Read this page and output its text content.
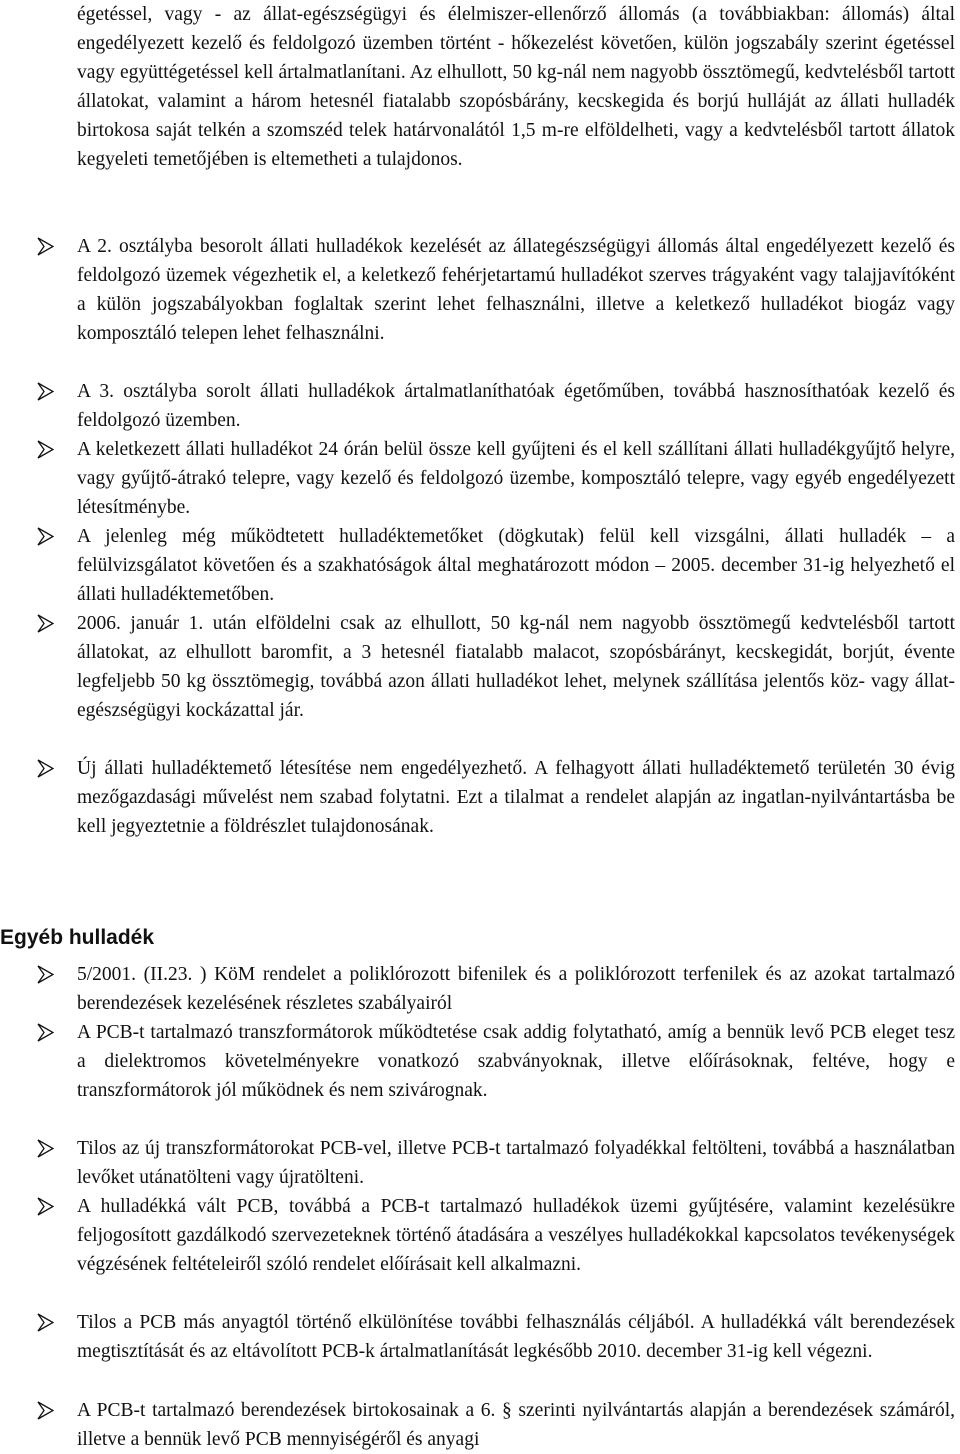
égetéssel, vagy - az állat-egészségügyi és élelmiszer-ellenőrző állomás (a továbbiakban: állomás) által engedélyezett kezelő és feldolgozó üzemben történt - hőkezelést követően, külön jogszabály szerint égetéssel vagy együttégetéssel kell ártalmatlanítani. Az elhullott, 50 kg-nál nem nagyobb össztömegű, kedvtelésből tartott állatokat, valamint a három hetesnél fiatalabb szopósbárány, kecskegida és borjú hulláját az állati hulladék birtokosa saját telkén a szomszéd telek határvonalától 1,5 m-re elföldelheti, vagy a kedvtelésből tartott állatok kegyeleti temetőjében is eltemetheti a tulajdonos.

A 2. osztályba besorolt állati hulladékok kezelését az állategészségügyi állomás által engedélyezett kezelő és feldolgozó üzemek végezhetik el, a keletkező fehérjetartamú hulladékot szerves trágyaként vagy talajjavítóként a külön jogszabályokban foglaltak szerint lehet felhasználni, illetve a keletkező hulladékot biogáz vagy komposztáló telepen lehet felhasználni.

A 3. osztályba sorolt állati hulladékok ártalmatlaníthatóak égetőműben, továbbá hasznosíthatóak kezelő és feldolgozó üzemben.

A keletkezett állati hulladékot 24 órán belül össze kell gyűjteni és el kell szállítani állati hulladékgyűjtő helyre, vagy gyűjtő-átrakó telepre, vagy kezelő és feldolgozó üzembe, komposztáló telepre, vagy egyéb engedélyezett létesítménybe.

A jelenleg még működtetett hulladéktemetőket (dögkutak) felül kell vizsgálni, állati hulladék – a felülvizsgálatot követően és a szakhatóságok által meghatározott módon – 2005. december 31-ig helyezhető el állati hulladéktemetőben.

2006. január 1. után elföldelni csak az elhullott, 50 kg-nál nem nagyobb össztömegű kedvtelésből tartott állatokat, az elhullott baromfit, a 3 hetesnél fiatalabb malacot, szopósbárányt, kecskegidát, borjút, évente legfeljebb 50 kg össztömegig, továbbá azon állati hulladékot lehet, melynek szállítása jelentős köz- vagy állat-egészségügyi kockázattal jár.

Új állati hulladéktemető létesítése nem engedélyezhető. A felhagyott állati hulladéktemető területén 30 évig mezőgazdasági művelést nem szabad folytatni. Ezt a tilalmat a rendelet alapján az ingatlan-nyilvántartásba be kell jegyeztetnie a földrészlet tulajdonosának.

Egyéb hulladék

5/2001. (II.23. ) KöM rendelet a poliklórozott bifenilek és a poliklórozott terfenilek és az azokat tartalmazó berendezések kezelésének részletes szabályairól

A PCB-t tartalmazó transzformátorok működtetése csak addig folytatható, amíg a bennük levő PCB eleget tesz a dielektromos követelményekre vonatkozó szabványoknak, illetve előírásoknak, feltéve, hogy e transzformátorok jól működnek és nem szivárognak.

Tilos az új transzformátorokat PCB-vel, illetve PCB-t tartalmazó folyadékkal feltölteni, továbbá a használatban levőket utánatölteni vagy újratölteni.

A hulladékká vált PCB, továbbá a PCB-t tartalmazó hulladékok üzemi gyűjtésére, valamint kezelésükre feljogosított gazdálkodó szervezeteknek történő átadására a veszélyes hulladékokkal kapcsolatos tevékenységek végzésének feltételeiről szóló rendelet előírásait kell alkalmazni.

Tilos a PCB más anyagtól történő elkülönítése további felhasználás céljából. A hulladékká vált berendezések megtisztítását és az eltávolított PCB-k ártalmatlanítását legkésőbb 2010. december 31-ig kell végezni.

A PCB-t tartalmazó berendezések birtokosainak a 6. § szerinti nyilvántartás alapján a berendezések számáról, illetve a bennük levő PCB mennyiségéről és anyagi
